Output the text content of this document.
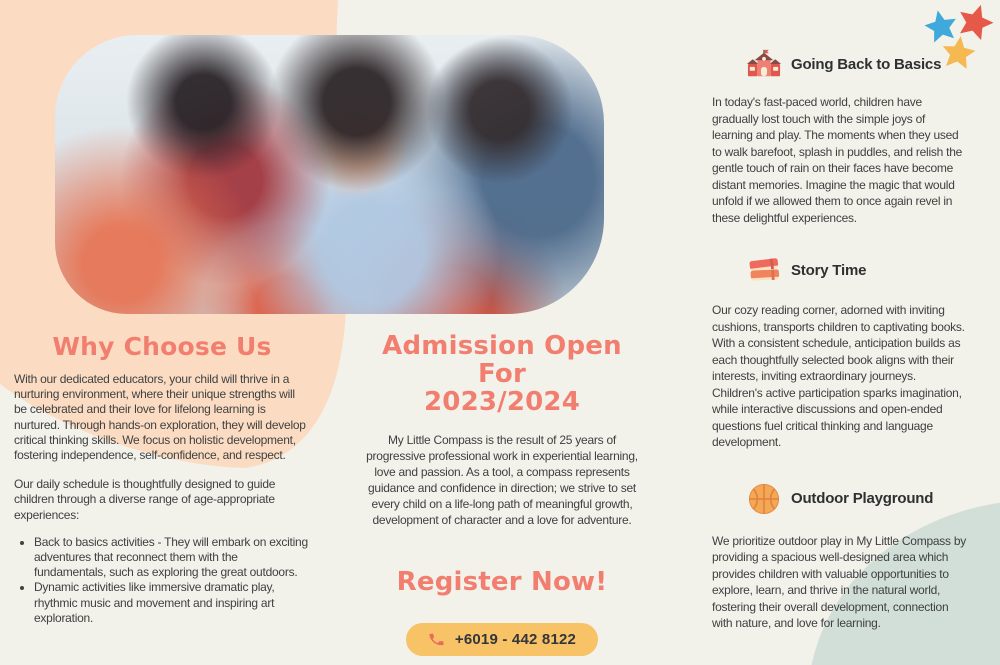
Why Choose Us

With our dedicated educators, your child will thrive in a nurturing environment, where their unique strengths will be celebrated and their love for lifelong learning is nurtured. Through hands-on exploration, they will develop critical thinking skills. We focus on holistic development, fostering independence, self-confidence, and respect.

Our daily schedule is thoughtfully designed to guide children through a diverse range of age-appropriate experiences:

• Back to basics activities - They will embark on exciting adventures that reconnect them with the fundamentals, such as exploring the great outdoors.
• Dynamic activities like immersive dramatic play, rhythmic music and movement and inspiring art exploration.
Admission Open For
2023/2024

My Little Compass is the result of 25 years of progressive professional work in experiential learning, love and passion. As a tool, a compass represents guidance and confidence in direction; we strive to set every child on a life-long path of meaningful growth, development of character and a love for adventure.

Register Now!

+6019 - 442 8122
Going Back to Basics

In today's fast-paced world, children have gradually lost touch with the simple joys of learning and play. The moments when they used to walk barefoot, splash in puddles, and relish the gentle touch of rain on their faces have become distant memories. Imagine the magic that would unfold if we allowed them to once again revel in these delightful experiences.

Story Time

Our cozy reading corner, adorned with inviting cushions, transports children to captivating books. With a consistent schedule, anticipation builds as each thoughtfully selected book aligns with their interests, inviting extraordinary journeys. Children's active participation sparks imagination, while interactive discussions and open-ended questions fuel critical thinking and language development.

Outdoor Playground

We prioritize outdoor play in My Little Compass by providing a spacious well-designed area which provides children with valuable opportunities to explore, learn, and thrive in the natural world, fostering their overall development, connection with nature, and love for learning.
